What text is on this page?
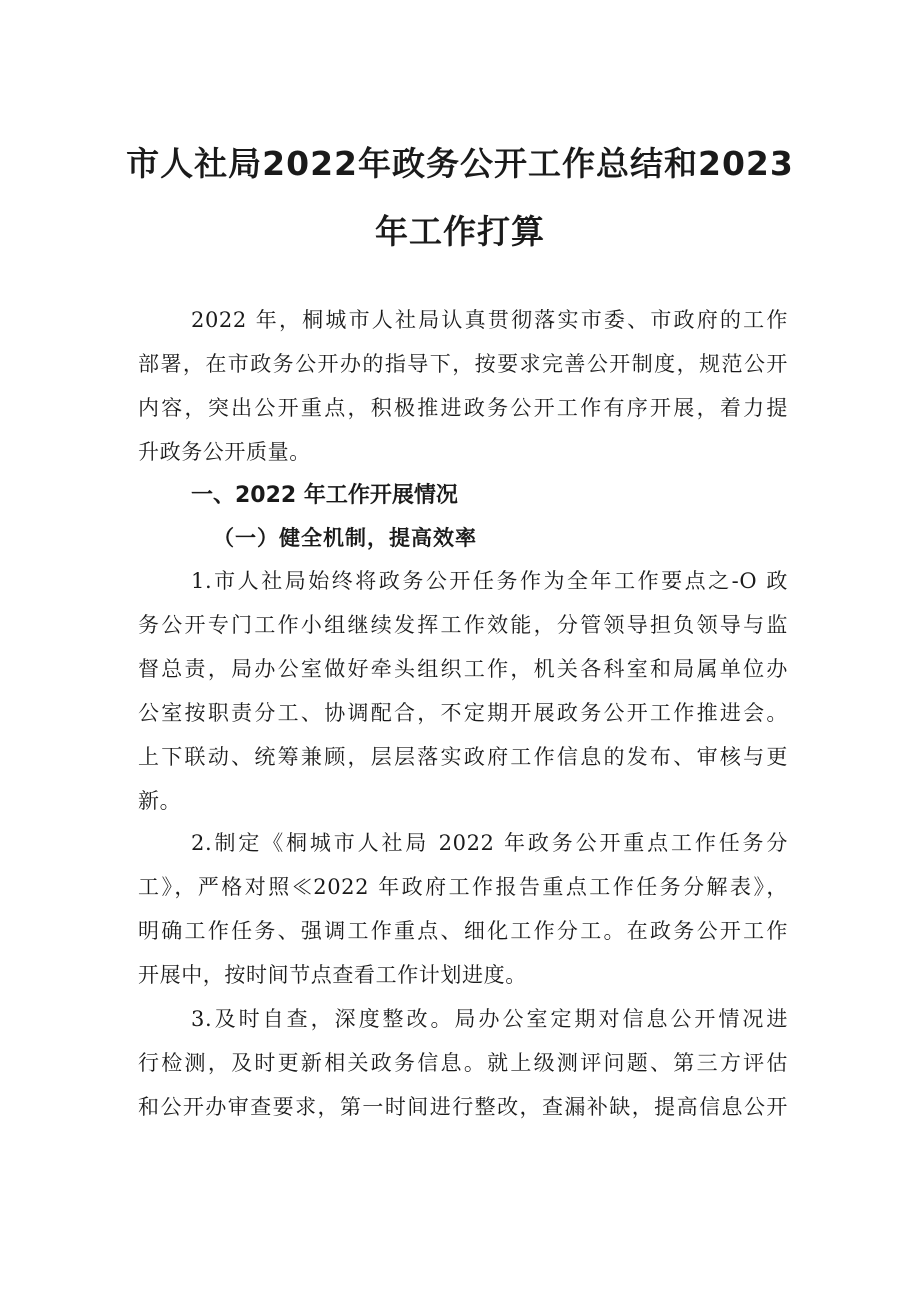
市人社局2022年政务公开工作总结和2023
年工作打算

2022 年，桐城市人社局认真贯彻落实市委、市政府的工作

部署，在市政务公开办的指导下，按要求完善公开制度，规范公开

内容，突出公开重点，积极推进政务公开工作有序开展，着力提

升政务公开质量。

一、2022 年工作开展情况
（一）健全机制，提高效率

1.市人社局始终将政务公开任务作为全年工作要点之-O 政

务公开专门工作小组继续发挥工作效能，分管领导担负领导与监

督总责，局办公室做好牵头组织工作，机关各科室和局属单位办

公室按职责分工、协调配合，不定期开展政务公开工作推进会。

上下联动、统筹兼顾，层层落实政府工作信息的发布、审核与更

新。

2.制定《桐城市人社局 2022 年政务公开重点工作任务分

工》，严格对照≪2022 年政府工作报告重点工作任务分解表》，

明确工作任务、强调工作重点、细化工作分工。在政务公开工作

开展中，按时间节点查看工作计划进度。

3.及时自查，深度整改。局办公室定期对信息公开情况进

行检测，及时更新相关政务信息。就上级测评问题、第三方评估

和公开办审查要求，第一时间进行整改，查漏补缺，提高信息公开
